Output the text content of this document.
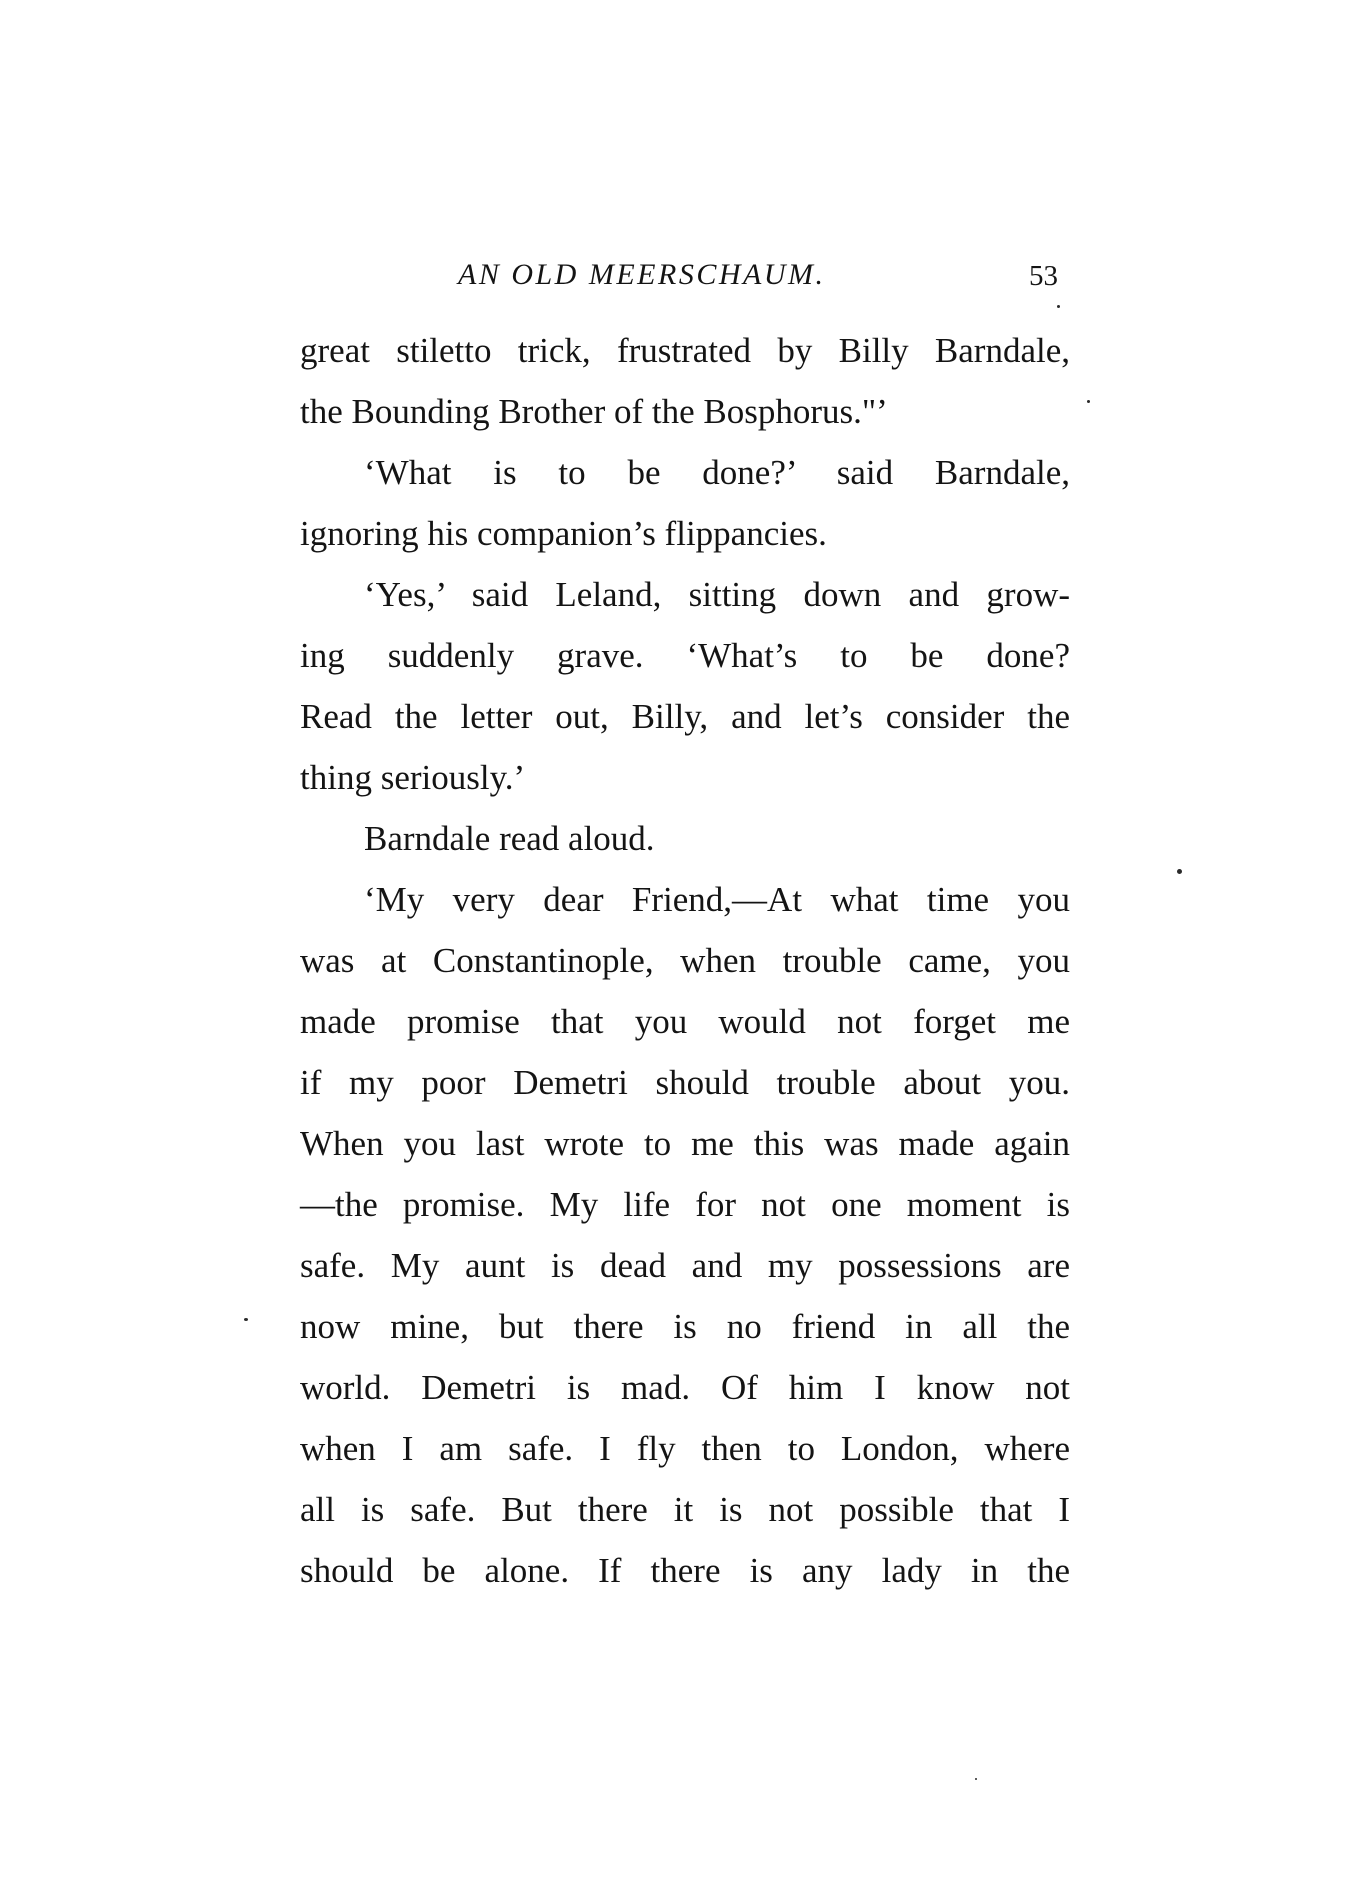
AN OLD MEERSCHAUM.	53
great stiletto trick, frustrated by Billy Barndale,
the Bounding Brother of the Bosphorus."’
‘What is to be done?’ said Barndale,
ignoring his companion’s flippancies.
‘Yes,’ said Leland, sitting down and grow-
ing suddenly grave. ‘What’s to be done?
Read the letter out, Billy, and let’s consider the
thing seriously.’
Barndale read aloud.
‘My very dear Friend,—At what time you
was at Constantinople, when trouble came, you
made promise that you would not forget me
if my poor Demetri should trouble about you.
When you last wrote to me this was made again
—the promise. My life for not one moment is
safe. My aunt is dead and my possessions are
now mine, but there is no friend in all the
world. Demetri is mad. Of him I know not
when I am safe. I fly then to London, where
all is safe. But there it is not possible that I
should be alone. If there is any lady in the
